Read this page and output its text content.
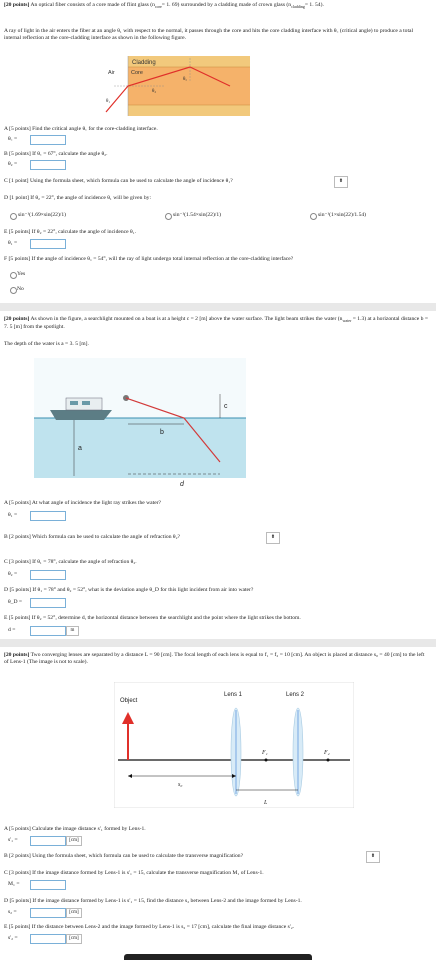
[20 points] An optical fiber consists of a core made of flint glass ($n_{core}= 1$. 69) surrounded by a cladding made of crown glass ($n_{cladding}= 1$. 54).
A ray of light in the air enters the fiber at an angle θ₁ with respect to the normal, it passes through the core and hits the core cladding interface with θ꜀ (critical angle) to produce a total internal reflection at the core-cladding interface as shown in the following figure.
Cladding
Air	Core
θ꜀
θ₂
θ₁
A [5 points] Find the critical angle θ꜀ for the core-cladding interface.
θ꜀ =
B [5 points] If θ꜀ = 67°, calculate the angle θ₂.
θ₂ =
C [1 point] Using the formula sheet, which formula can be used to calculate the angle of incidence θ₁?	⬍
D [1 point] If θ₂ = 22°, the angle of incidence θ₁ will be given by:
sin⁻¹(1.69×sin(22)/1)	sin⁻¹(1.54×sin(22)/1)	sin⁻¹(1×sin(22)/1.54)
E [5 points] If θ₂ = 22°, calculate the angle of incidence θ₁.
θ₁ =
F [5 points] If the angle of incidence θ₁ = 54°, will the ray of light undergo total internal reflection at the core-cladding interface?
Yes
No
[20 points] As shown in the figure, a searchlight mounted on a boat is at a height c = 2 [m] above the water surface. The light beam strikes the water $(n_{water} = 1.3)$ at a horizontal distance b = 7. 5 [m] from the spotlight.
The depth of the water is a = 3. 5 [m].
a
b
c
d
A [5 points] At what angle of incidence the light ray strikes the water?
θ₁ =
B [2 points] Which formula can be used to calculate the angle of refraction θ₂?	⬍
C [3 points] If θ₁ = 78°, calculate the angle of refraction θ₂.
θ₂ =
D [5 points] If θ₁ = 78° and θ₂ = 52°, what is the deviation angle θ_D for this light incident from air into water?
θ_D =
E [5 points] If θ₂ = 52°, determine d, the horizontal distance between the searchlight and the point where the light strikes the bottom.
d =	m
[20 points] Two converging lenses are separated by a distance L = 90 [cm]. The focal length of each lens is equal to f₁ = f₂ = 10 [cm]. An object is placed at distance s₀ = 40 [cm] to the left of Lens-1 (The image is not to scale).
Object
Lens 1	Lens 2
F₁	F₂
s₀
L
A [5 points] Calculate the image distance s'₁ formed by Lens-1.
s'₁ =	[cm]
B [2 points] Using the formula sheet, which formula can be used to calculate the transverse magnification?	⬍
C [3 points] If the image distance formed by Lens-1 is s'₁ = 15, calculate the transverse magnification M₁ of Lens-1.
M₁ =
D [5 points] If the image distance formed by Lens-1 is s'₁ = 15, find the distance s₂ between Lens-2 and the image formed by Lens-1.
s₂ =	[cm]
E [5 points] If the distance between Lens-2 and the image formed by Lens-1 is s₂ = 17 [cm], calculate the final image distance s'₂.
s'₂ =	[cm]
